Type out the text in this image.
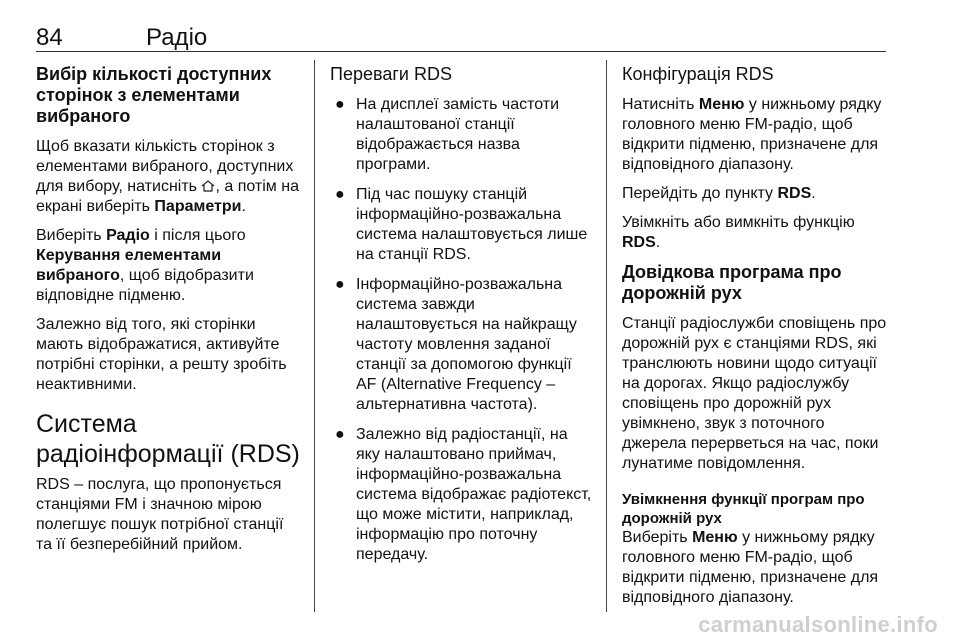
84	Радіо
Вибір кількості доступних сторінок з елементами вибраного

Щоб вказати кількість сторінок з елементами вибраного, доступних для вибору, натисніть , а потім на екрані виберіть Параметри.

Виберіть Радіо і після цього Керування елементами вибраного, щоб відобразити відповідне підменю.

Залежно від того, які сторінки мають відображатися, активуйте потрібні сторінки, а решту зробіть неактивними.

Система радіоінформації (RDS)

RDS – послуга, що пропонується станціями FM і значною мірою полегшує пошук потрібної станції та її безперебійний прийом.

Переваги RDS
● На дисплеї замість частоти налаштованої станції відображається назва програми.
● Під час пошуку станцій інформаційно-розважальна система налаштовується лише на станції RDS.
● Інформаційно-розважальна система завжди налаштовується на найкращу частоту мовлення заданої станції за допомогою функції AF (Alternative Frequency – альтернативна частота).
● Залежно від радіостанції, на яку налаштовано приймач, інформаційно-розважальна система відображає радіотекст, що може містити, наприклад, інформацію про поточну передачу.
Конфігурація RDS

Натисніть Меню у нижньому рядку головного меню FM-радіо, щоб відкрити підменю, призначене для відповідного діапазону.

Перейдіть до пункту RDS.

Увімкніть або вимкніть функцію RDS.

Довідкова програма про дорожній рух

Станції радіослужби сповіщень про дорожній рух є станціями RDS, які транслюють новини щодо ситуації на дорогах. Якщо радіослужбу сповіщень про дорожній рух увімкнено, звук з поточного джерела перерветься на час, поки лунатиме повідомлення.

Увімкнення функції програм про дорожній рух

Виберіть Меню у нижньому рядку головного меню FM-радіо, щоб відкрити підменю, призначене для відповідного діапазону.

carmanualsonline.info
